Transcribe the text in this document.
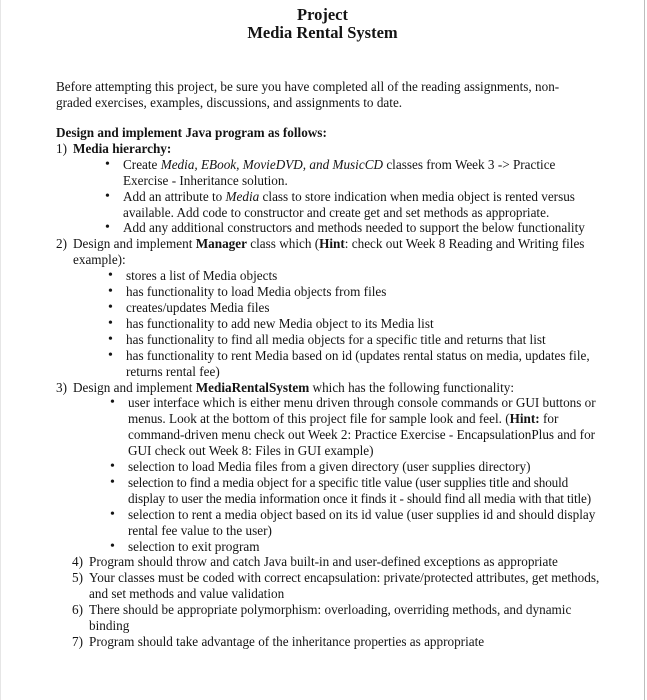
Project
Media Rental System
Before attempting this project, be sure you have completed all of the reading assignments, non-graded exercises, examples, discussions, and assignments to date.

Design and implement Java program as follows:

1) Media hierarchy:
• Create Media, EBook, MovieDVD, and MusicCD classes from Week 3 -> Practice Exercise - Inheritance solution.
• Add an attribute to Media class to store indication when media object is rented versus available. Add code to constructor and create get and set methods as appropriate.
• Add any additional constructors and methods needed to support the below functionality
2) Design and implement Manager class which (Hint: check out Week 8 Reading and Writing files example):
• stores a list of Media objects
• has functionality to load Media objects from files
• creates/updates Media files
• has functionality to add new Media object to its Media list
• has functionality to find all media objects for a specific title and returns that list
• has functionality to rent Media based on id (updates rental status on media, updates file, returns rental fee)
3) Design and implement MediaRentalSystem which has the following functionality:
• user interface which is either menu driven through console commands or GUI buttons or menus. Look at the bottom of this project file for sample look and feel. (Hint: for command-driven menu check out Week 2: Practice Exercise - EncapsulationPlus and for GUI check out Week 8: Files in GUI example)
• selection to load Media files from a given directory (user supplies directory)
• selection to find a media object for a specific title value (user supplies title and should display to user the media information once it finds it - should find all media with that title)
• selection to rent a media object based on its id value (user supplies id and should display rental fee value to the user)
• selection to exit program
4) Program should throw and catch Java built-in and user-defined exceptions as appropriate
5) Your classes must be coded with correct encapsulation: private/protected attributes, get methods, and set methods and value validation
6) There should be appropriate polymorphism: overloading, overriding methods, and dynamic binding
7) Program should take advantage of the inheritance properties as appropriate
